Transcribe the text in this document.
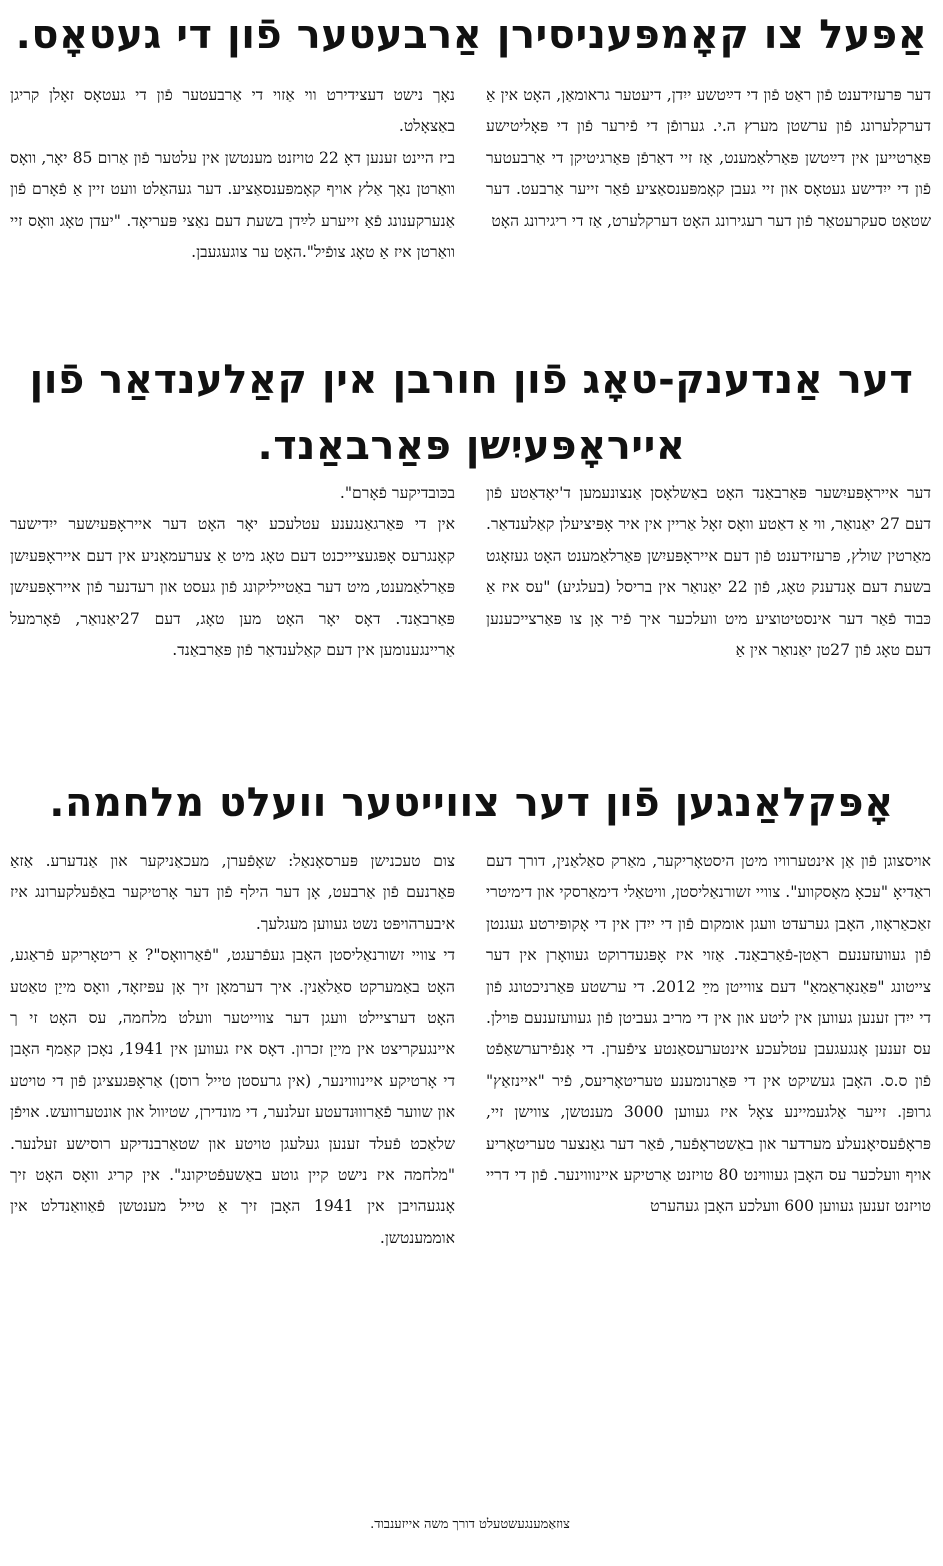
אַפּעל צו קאָמפּעניסירן אַרבעטער פֿון די געטאָס.

דער פּרעזידענט פֿון ראַט פֿון די דײַטשע ייִדן, דיעטער גראומאַן, האָט אין אַ דערקלערונג פֿון ערשטן מערץ ה.י. גערופֿן די פֿירער פֿון די פּאָליטישע פּאַרטייען אין דײַטשן פּאַרלאַמענט, אַז זיי דאַרפֿן פּאַרגיטיקן די אַרבעטער פֿון די ייִדישע געטאָס און זיי געבן קאָמפּענסאַציע פֿאַר זייער אַרבעט. דער שטאַט סעקרעטאַר פֿון דער רעגירונג האָט דערקלערט, אַז די ריגירונג האָט

נאָך נישט דעצידירט ווי אַזוי די אַרבעטער פֿון די געטאָס זאָלן קריגן באַצאָלט.

ביז היינט זענען דאָ 22 טויזנט מענטשן אין עלטער פֿון אַרום 85 יאָר, וואָס וואַרטן נאָך אַלץ אויף קאָמפּענסאַציע. דער געהאַלט וועט זיין אַ פֿאָרם פֿון אַנערקענונג פֿאַ זייערע לײַדן בשעת דעם נאַצי פּעריאָד. "יעדן טאָג וואָס זיי וואַרטן איז אַ טאָג צופֿיל".האָט ער צוגעגעבן.

דער אַנדענק-טאָג פֿון חורבן אין קאַלענדאַר פֿון
אייראָפּעיִשן פּאַרבאַנד.

דער אייראָפּעיִשער פּאַרבאַנד האָט באַשלאָסן אַנצונעמען ד'יאָדאַטע פֿון דעם 27 יאַנואַר, ווי אַ דאַטע וואָס זאָל אַריין אין איר אָפּיציעלן קאַלענדאַר. מאַרטין שולץ, פּרעזידענט פֿון דעם אייראָפּעיִשן פּאַרלאַמענט האָט געזאָגט בשעת דעם אָנדענק טאָג, פֿון 22 יאַנואַר אין בריסל (בעלגיע) "עס איז אַ כּבוד פֿאַר דער אינסטיטוציע מיט וועלכער איך פֿיר אָן צו פּאַרצייכענען דעם טאָג פֿון 27טן יאַנואַר אין אַ

בכּובדיקער פֿאָרם".

אין די פּאַרגאַנגענע עטלעכע יאָר האָט דער אייראָפּעיִשער ייִדישער קאָנגרעס אָפּגעציייכנט דעם טאָג מיט אַ צערעמאָניע אין דעם אייראָפּעיִשן פּאַרלאַמענט, מיט דער באַטייליקונג פֿון געסט און רעדנער פֿון אייראָפּעיִשן פּאַרבאַנד. דאָס יאָר האָט מען טאָג, דעם 27יאַנואַר, פֿאָרמעל אַריינגענומען אין דעם קאַלענדאַר פֿון פּאַרבאַנד.

אָפּקלאַנגען פֿון דער צווייטער וועלט מלחמה.

אויסצוגן פֿון אַן אינטערוויו מיטן היסטאָריקער, מאַרק סאַלאַנין, דורך דעם ראַדיאָ "עכאָ מאָסקווע". צוויי זשורנאַליסטן, וויטאַלי דימאַרסקי און דימיטרי זאַכאַראָוו, האָבן גערעדט וועגן אומקום פֿון די ייִדן אין די אָקופּירטע געגנטן פֿון געוועזענעם ראַטן-פֿאַרבאַנד. אַזוי איז אָפּגעדרוקט געוואָרן אין דער צייטונג "פּאַנאָראַמאַ" דעם צווייטן מײַ 2012. די ערשטע פּאַרניכטונג פֿון די ייִדן זענען געווען אין ליטע און אין די מריב געביטן פֿון געוועזענעם פּוילן. עס זענען אָנגעגעבן עטלעכע אינטערעסאַנטע ציפֿערן. די אָנפֿירערשאַפֿט פֿון ס.ס. האָבן געשיקט אין די פּאַרנומענע טעריטאָריעס, פֿיר "איינזאַץ" גרופּן. זייער אַלגעמיינע צאָל איז געווען 3000 מענטשן, צווישן זיי, פּראָפֿעסיאָנעלע מערדער און באַשטראָפֿער, פֿאַר דער גאַנצער טעריטאָריע אויף וועלכער עס האָבן געוווינט 80 טויזנט אַרטיקע איינוווינער. פֿון די דריי טויזנט זענען געווען 600 וועלכע האָבן געהערט

צום טעכנישן פּערסאָנאַל: שאָפֿערן, מעכאַניקער און אַנדערע. אַזאַ פּאַרנעם פֿון אַרבעט, אָן דער הילף פֿון דער אָרטיקער באַפֿעלקערונג איז איבערהויפּט נשט געווען מעגלעך.

די צוויי זשורנאַליסטן האָבן געפֿרעגט, "פֿאַרוואָס"? אַ ריטאָריקע פֿראַגע, האָט באַמערקט סאַלאַנין. איך דערמאָן זיך אָן עפּיזאָד, וואָס מייַן טאַטע האָט דערציילט וועגן דער צווייטער וועלט מלחמה, עס האָט זי ך איינגעקריצט אין מייַן זכרון. דאָס איז געווען אין 1941, נאָכן קאַמף האָבן די אָרטיקע איינוווינער, (אין גרעסטן טייל רוסן) אַראָפּגעציגן פֿון די טויטע און שווער פֿאַרוווּנדעטע זעלנער, די מונדירן, שטיוול און אונטערוועש. אויפֿן שלאַכט פֿעלד זענען געלעגן טויטע און שטאַרבנדיקע רוסישע זעלנער. "מלחמה איז נישט קיין גוטע באַשעפֿטיקונג". אין קריג וואָס האָט זיך אָנגעהויבן אין 1941 האָבן זיך אַ טייל מענטשן פֿאַוואַנדלט אין אוממענטשן.

צוזאַמענגעשטעלט דורך משה אייזענבוד.
